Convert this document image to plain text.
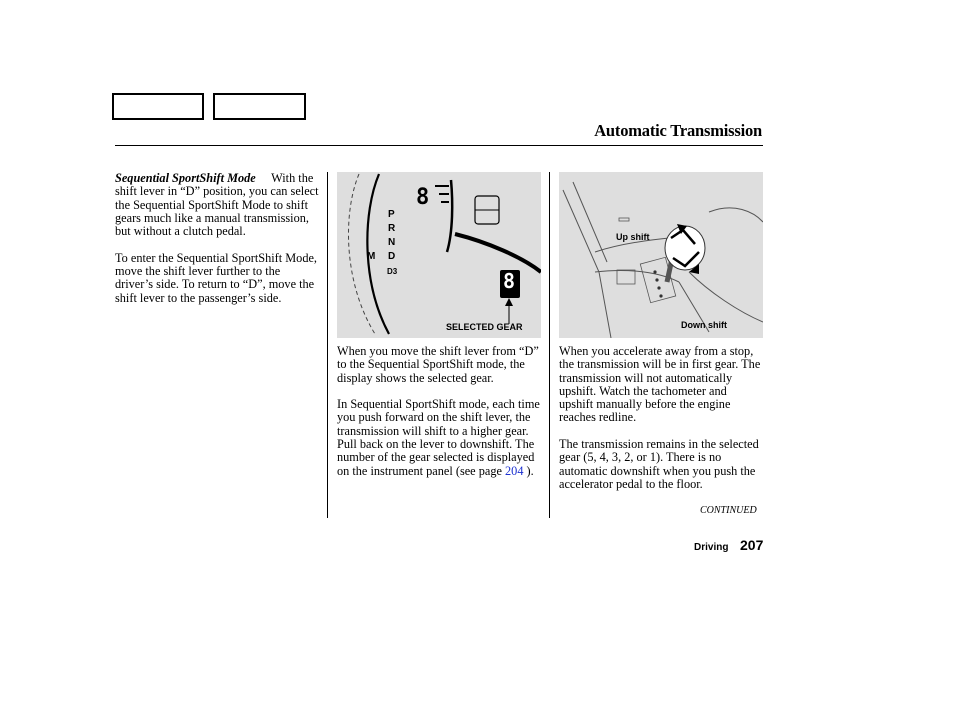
Automatic Transmission

Sequential SportShift Mode With the shift lever in “D” position, you can select the Sequential SportShift Mode to shift gears much like a manual transmission, but without a clutch pedal.

To enter the Sequential SportShift Mode, move the shift lever further to the driver’s side. To return to “D”, move the shift lever to the passenger’s side.

8
P
R
N
D
D3
M
8
SELECTED GEAR
Up shift
Down shift

When you move the shift lever from “D” to the Sequential SportShift mode, the display shows the selected gear.

In Sequential SportShift mode, each time you push forward on the shift lever, the transmission will shift to a higher gear. Pull back on the lever to downshift. The number of the gear selected is displayed on the instrument panel (see page 204 ).

When you accelerate away from a stop, the transmission will be in first gear. The transmission will not automatically upshift. Watch the tachometer and upshift manually before the engine reaches redline.

The transmission remains in the selected gear (5, 4, 3, 2, or 1). There is no automatic downshift when you push the accelerator pedal to the floor.

CONTINUED
Driving 207
